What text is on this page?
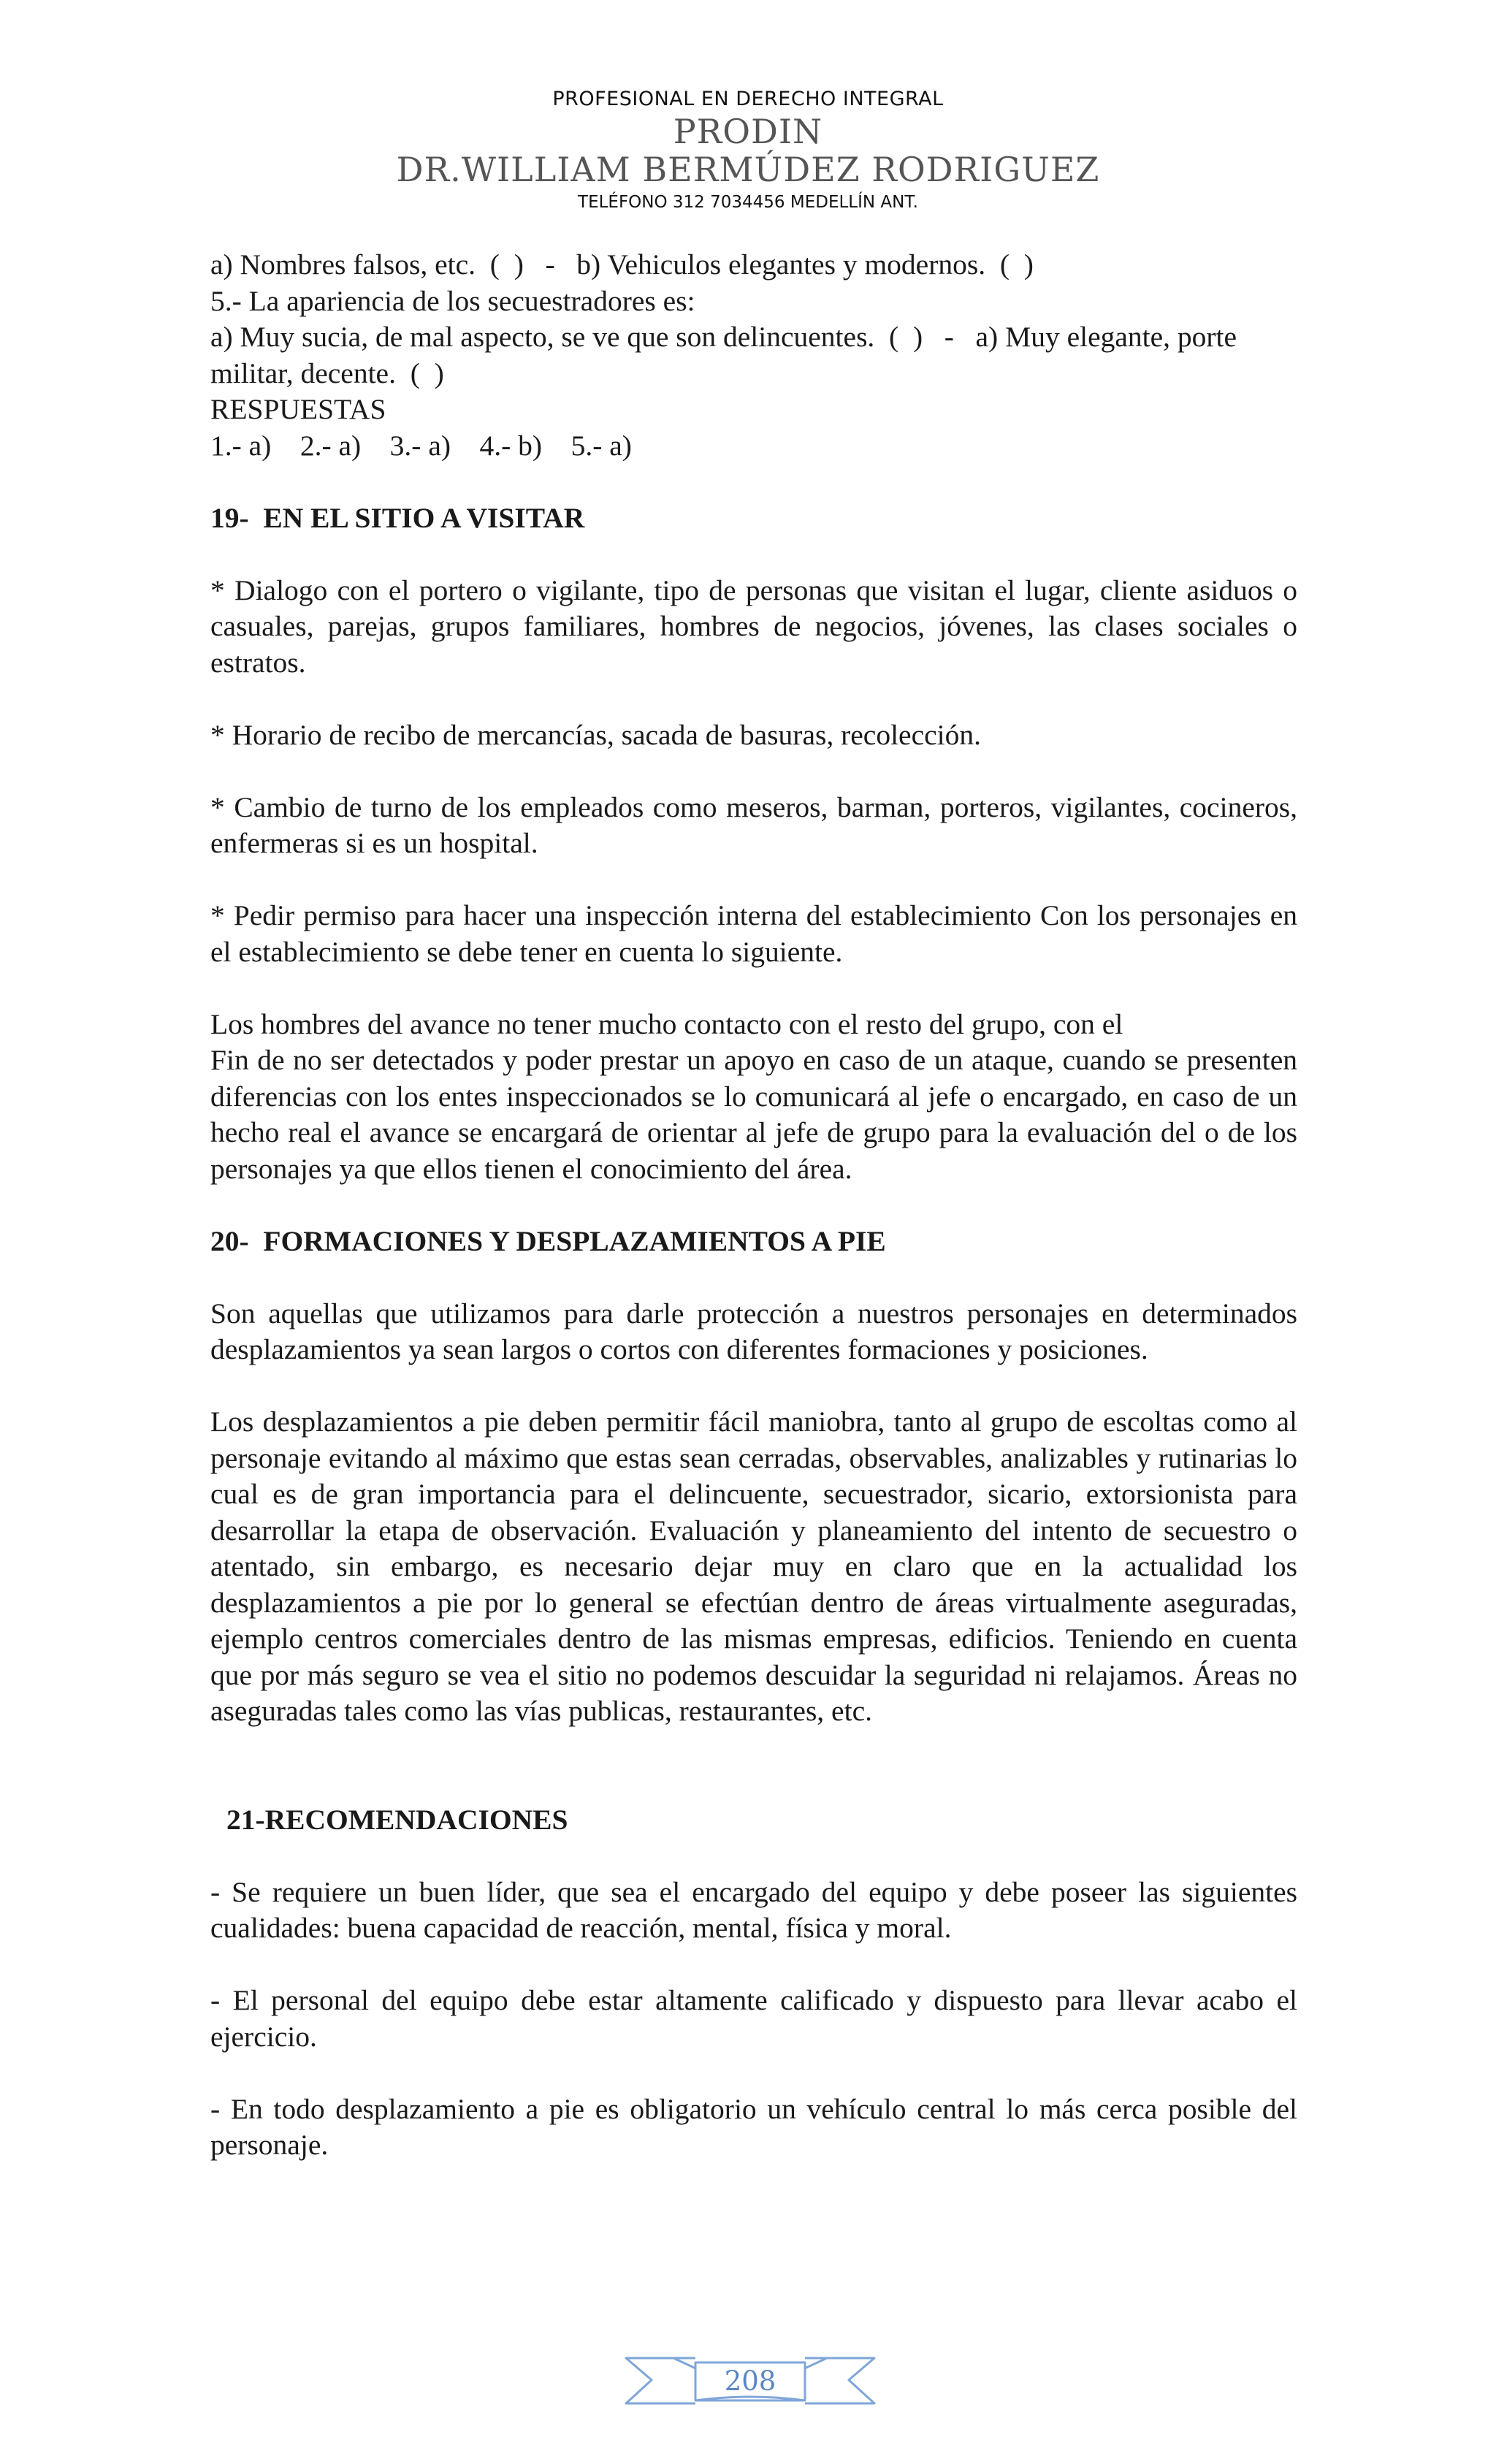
PROFESIONAL EN DERECHO INTEGRAL
PRODIN
DR.WILLIAM BERMÚDEZ RODRIGUEZ
TELÉFONO 312 7034456 MEDELLÍN ANT.

a) Nombres falsos, etc.  (  )   -   b) Vehiculos elegantes y modernos.  (  )

5.- La apariencia de los secuestradores es:

a) Muy sucia, de mal aspecto, se ve que son delincuentes.  (  )   -   a) Muy elegante, porte militar, decente.  (  )

RESPUESTAS

1.- a)    2.- a)    3.- a)    4.- b)    5.- a)

19-  EN EL SITIO A VISITAR

* Dialogo con el portero o vigilante, tipo de personas que visitan el lugar, cliente asiduos o casuales, parejas, grupos familiares, hombres de negocios, jóvenes, las clases sociales o estratos.

* Horario de recibo de mercancías, sacada de basuras, recolección.

* Cambio de turno de los empleados como meseros, barman, porteros, vigilantes, cocineros, enfermeras si es un hospital.

* Pedir permiso para hacer una inspección interna del establecimiento Con los personajes en el establecimiento se debe tener en cuenta lo siguiente.

Los hombres del avance no tener mucho contacto con el resto del grupo, con el

Fin de no ser detectados y poder prestar un apoyo en caso de un ataque, cuando se presenten diferencias con los entes inspeccionados se lo comunicará al jefe o encargado, en caso de un hecho real el avance se encargará de orientar al jefe de grupo para la evaluación del o de los personajes ya que ellos tienen el conocimiento del área.

20-  FORMACIONES Y DESPLAZAMIENTOS A PIE

Son aquellas que utilizamos para darle protección a nuestros personajes en determinados desplazamientos ya sean largos o cortos con diferentes formaciones y posiciones.

Los desplazamientos a pie deben permitir fácil maniobra, tanto al grupo de escoltas como al personaje evitando al máximo que estas sean cerradas, observables, analizables y rutinarias lo cual es de gran importancia para el delincuente, secuestrador, sicario, extorsionista para desarrollar la etapa de observación. Evaluación y planeamiento del intento de secuestro o atentado, sin embargo, es necesario dejar muy en claro que en la actualidad los desplazamientos a pie por lo general se efectúan dentro de áreas virtualmente aseguradas, ejemplo centros comerciales dentro de las mismas empresas, edificios. Teniendo en cuenta que por más seguro se vea el sitio no podemos descuidar la seguridad ni relajamos. Áreas no aseguradas tales como las vías publicas, restaurantes, etc.

21-RECOMENDACIONES

- Se requiere un buen líder, que sea el encargado del equipo y debe poseer las siguientes cualidades: buena capacidad de reacción, mental, física y moral.

- El personal del equipo debe estar altamente calificado y dispuesto para llevar acabo el ejercicio.

- En todo desplazamiento a pie es obligatorio un vehículo central lo más cerca posible del personaje.

208
